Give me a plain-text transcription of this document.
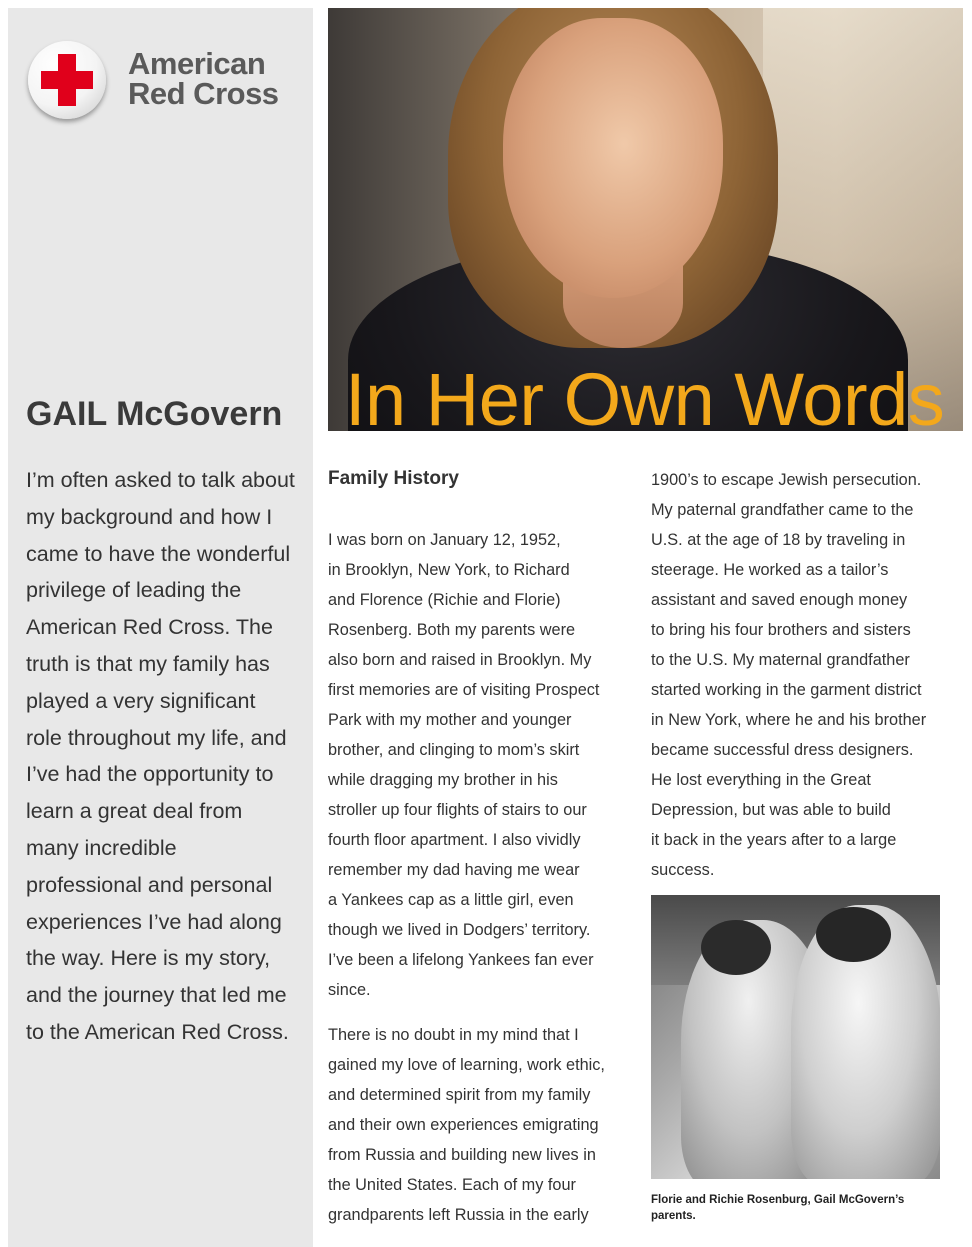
American
Red Cross
GAIL McGovern

I’m often asked to talk about my background and how I came to have the wonderful privilege of leading the American Red Cross. The truth is that my family has played a very significant role throughout my life, and I’ve had the opportunity to learn a great deal from many incredible professional and personal experiences I’ve had along the way. Here is my story, and the journey that led me to the American Red Cross.

In Her Own Words
Family History

I was born on January 12, 1952,
in Brooklyn, New York, to Richard
and Florence (Richie and Florie)
Rosenberg. Both my parents were
also born and raised in Brooklyn. My
first memories are of visiting Prospect
Park with my mother and younger
brother, and clinging to mom’s skirt
while dragging my brother in his
stroller up four flights of stairs to our
fourth floor apartment. I also vividly
remember my dad having me wear
a Yankees cap as a little girl, even
though we lived in Dodgers’ territory.
I’ve been a lifelong Yankees fan ever
since.

There is no doubt in my mind that I
gained my love of learning, work ethic,
and determined spirit from my family
and their own experiences emigrating
from Russia and building new lives in
the United States. Each of my four
grandparents left Russia in the early

1900’s to escape Jewish persecution.
My paternal grandfather came to the
U.S. at the age of 18 by traveling in
steerage. He worked as a tailor’s
assistant and saved enough money
to bring his four brothers and sisters
to the U.S. My maternal grandfather
started working in the garment district
in New York, where he and his brother
became successful dress designers.
He lost everything in the Great
Depression, but was able to build
it back in the years after to a large
success.

Florie and Richie Rosenburg, Gail McGovern’s parents.
